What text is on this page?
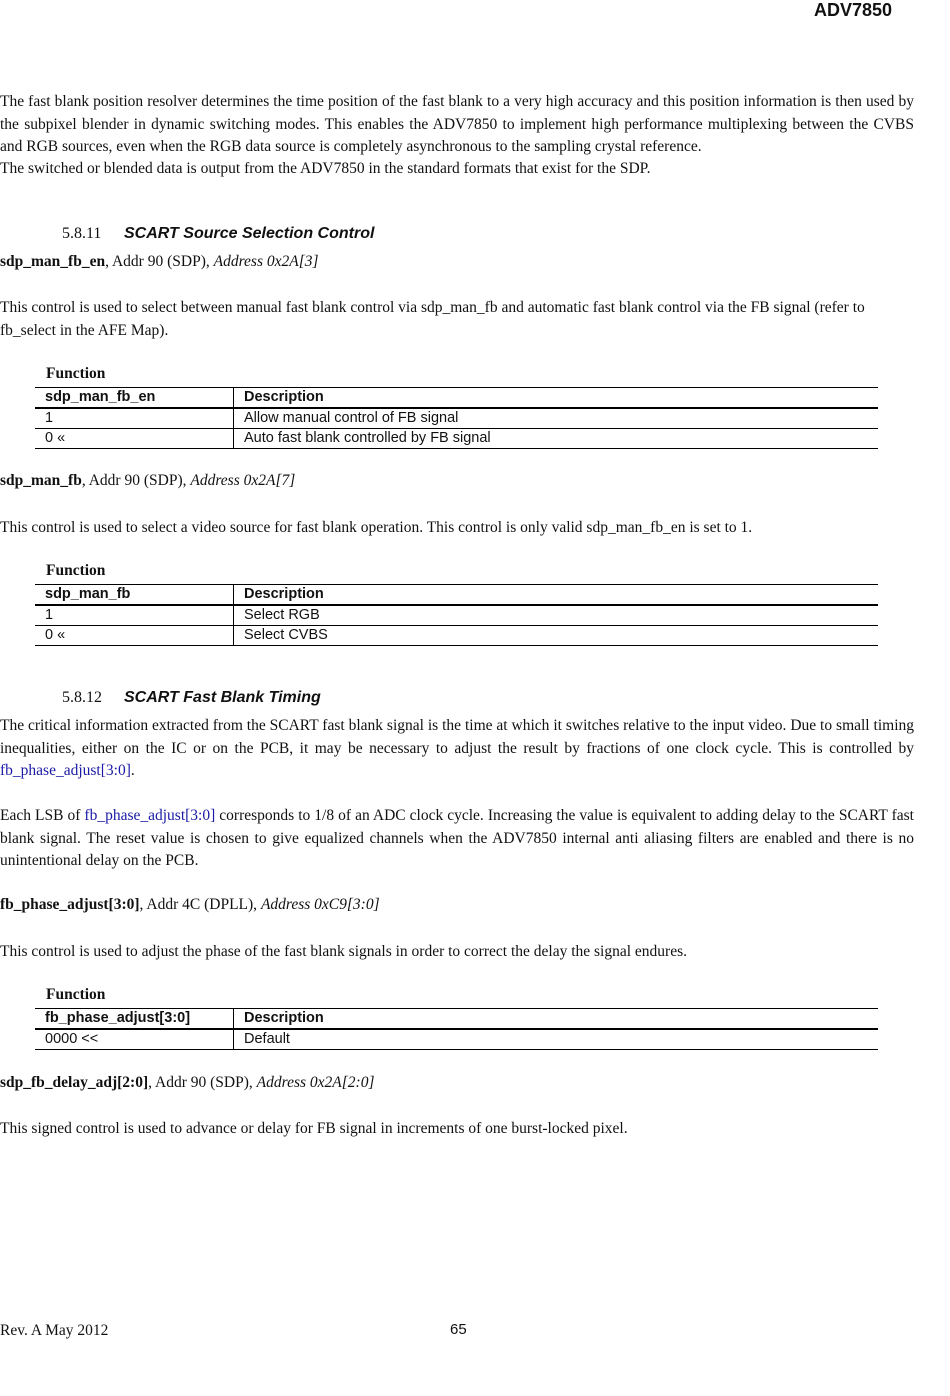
ADV7850
The fast blank position resolver determines the time position of the fast blank to a very high accuracy and this position information is then used by the subpixel blender in dynamic switching modes. This enables the ADV7850 to implement high performance multiplexing between the CVBS and RGB sources, even when the RGB data source is completely asynchronous to the sampling crystal reference.
The switched or blended data is output from the ADV7850 in the standard formats that exist for the SDP.
5.8.11 SCART Source Selection Control
sdp_man_fb_en, Addr 90 (SDP), Address 0x2A[3]
This control is used to select between manual fast blank control via sdp_man_fb and automatic fast blank control via the FB signal (refer to fb_select in the AFE Map).
Function
sdp_man_fb_en	Description
1	Allow manual control of FB signal
0 «	Auto fast blank controlled by FB signal
sdp_man_fb, Addr 90 (SDP), Address 0x2A[7]
This control is used to select a video source for fast blank operation. This control is only valid sdp_man_fb_en is set to 1.
Function
sdp_man_fb	Description
1	Select RGB
0 «	Select CVBS
5.8.12 SCART Fast Blank Timing
The critical information extracted from the SCART fast blank signal is the time at which it switches relative to the input video. Due to small timing inequalities, either on the IC or on the PCB, it may be necessary to adjust the result by fractions of one clock cycle. This is controlled by fb_phase_adjust[3:0].
Each LSB of fb_phase_adjust[3:0] corresponds to 1/8 of an ADC clock cycle. Increasing the value is equivalent to adding delay to the SCART fast blank signal. The reset value is chosen to give equalized channels when the ADV7850 internal anti aliasing filters are enabled and there is no unintentional delay on the PCB.
fb_phase_adjust[3:0], Addr 4C (DPLL), Address 0xC9[3:0]
This control is used to adjust the phase of the fast blank signals in order to correct the delay the signal endures.
Function
fb_phase_adjust[3:0]	Description
0000 <<	Default
sdp_fb_delay_adj[2:0], Addr 90 (SDP), Address 0x2A[2:0]
This signed control is used to advance or delay for FB signal in increments of one burst-locked pixel.
Rev. A May 2012	65
